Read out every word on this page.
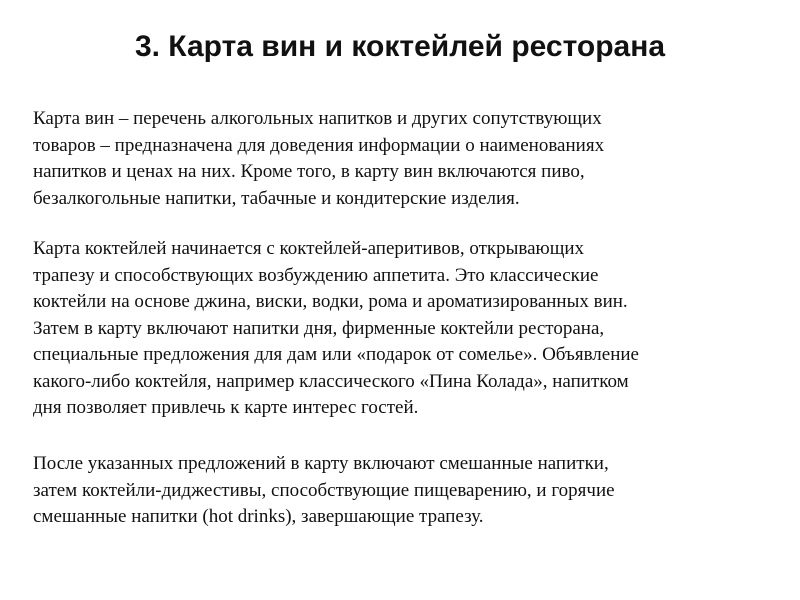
3. Карта вин и коктейлей ресторана
Карта вин – перечень алкогольных напитков и других сопутствующих
товаров – предназначена для доведения информации о наименованиях
напитков и ценах на них. Кроме того, в карту вин включаются пиво,
безалкогольные напитки, табачные и кондитерские изделия.
Карта коктейлей начинается с коктейлей-аперитивов, открывающих
трапезу и способствующих возбуждению аппетита. Это классические
коктейли на основе джина, виски, водки, рома и ароматизированных вин.
Затем в карту включают напитки дня, фирменные коктейли ресторана,
специальные предложения для дам или «подарок от сомелье». Объявление
какого-либо коктейля, например классического «Пина Колада», напитком
дня позволяет привлечь к карте интерес гостей.
После указанных предложений в карту включают смешанные напитки,
затем коктейли-диджестивы, способствующие пищеварению, и горячие
смешанные напитки (hot drinks), завершающие трапезу.
